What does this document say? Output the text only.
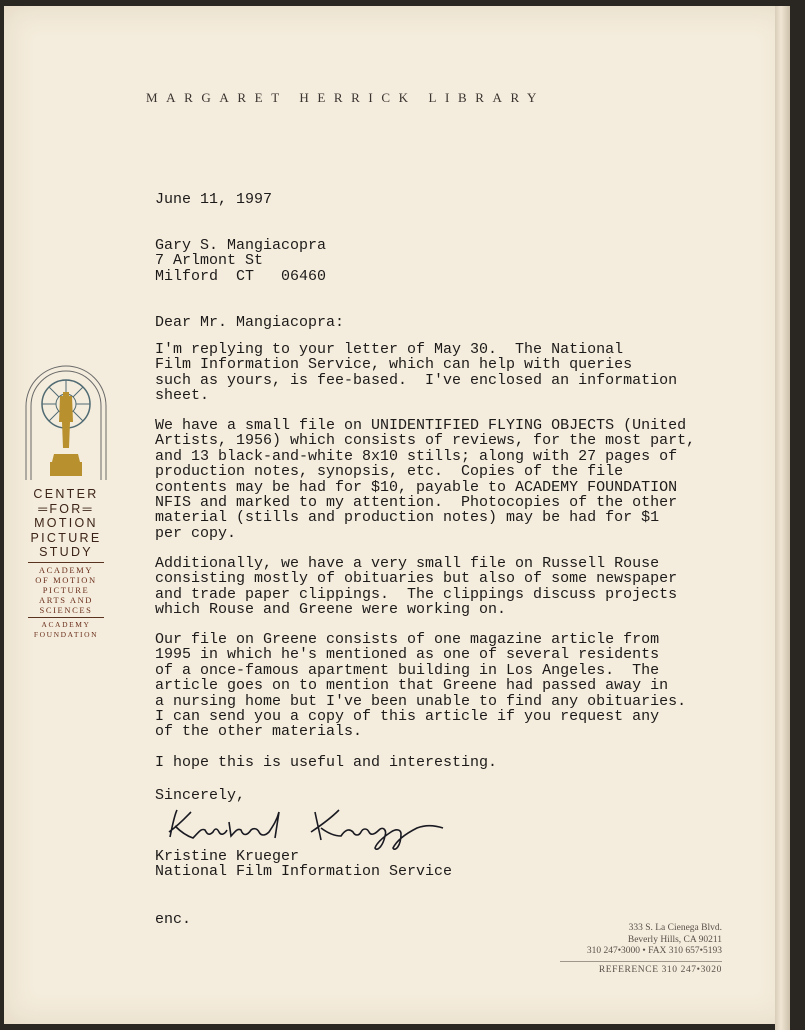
MARGARET HERRICK LIBRARY
June 11, 1997
Gary S. Mangiacopra
7 Arlmont St
Milford  CT   06460
Dear Mr. Mangiacopra:
I'm replying to your letter of May 30.  The National
Film Information Service, which can help with queries
such as yours, is fee-based.  I've enclosed an information
sheet.
We have a small file on UNIDENTIFIED FLYING OBJECTS (United
Artists, 1956) which consists of reviews, for the most part,
and 13 black-and-white 8x10 stills; along with 27 pages of
production notes, synopsis, etc.  Copies of the file
contents may be had for $10, payable to ACADEMY FOUNDATION
NFIS and marked to my attention.  Photocopies of the other
material (stills and production notes) may be had for $1
per copy.
Additionally, we have a very small file on Russell Rouse
consisting mostly of obituaries but also of some newspaper
and trade paper clippings.  The clippings discuss projects
which Rouse and Greene were working on.
Our file on Greene consists of one magazine article from
1995 in which he's mentioned as one of several residents
of a once-famous apartment building in Los Angeles.  The
article goes on to mention that Greene had passed away in
a nursing home but I've been unable to find any obituaries.
I can send you a copy of this article if you request any
of the other materials.
I hope this is useful and interesting.
Sincerely,
Kristine Krueger
National Film Information Service
enc.
CENTER
═FOR═
MOTION
PICTURE
STUDY
ACADEMY
OF MOTION
PICTURE
ARTS AND
SCIENCES
ACADEMY
FOUNDATION
333 S. La Cienega Blvd.
Beverly Hills, CA 90211
310 247•3000 • FAX 310 657•5193
REFERENCE 310 247•3020
